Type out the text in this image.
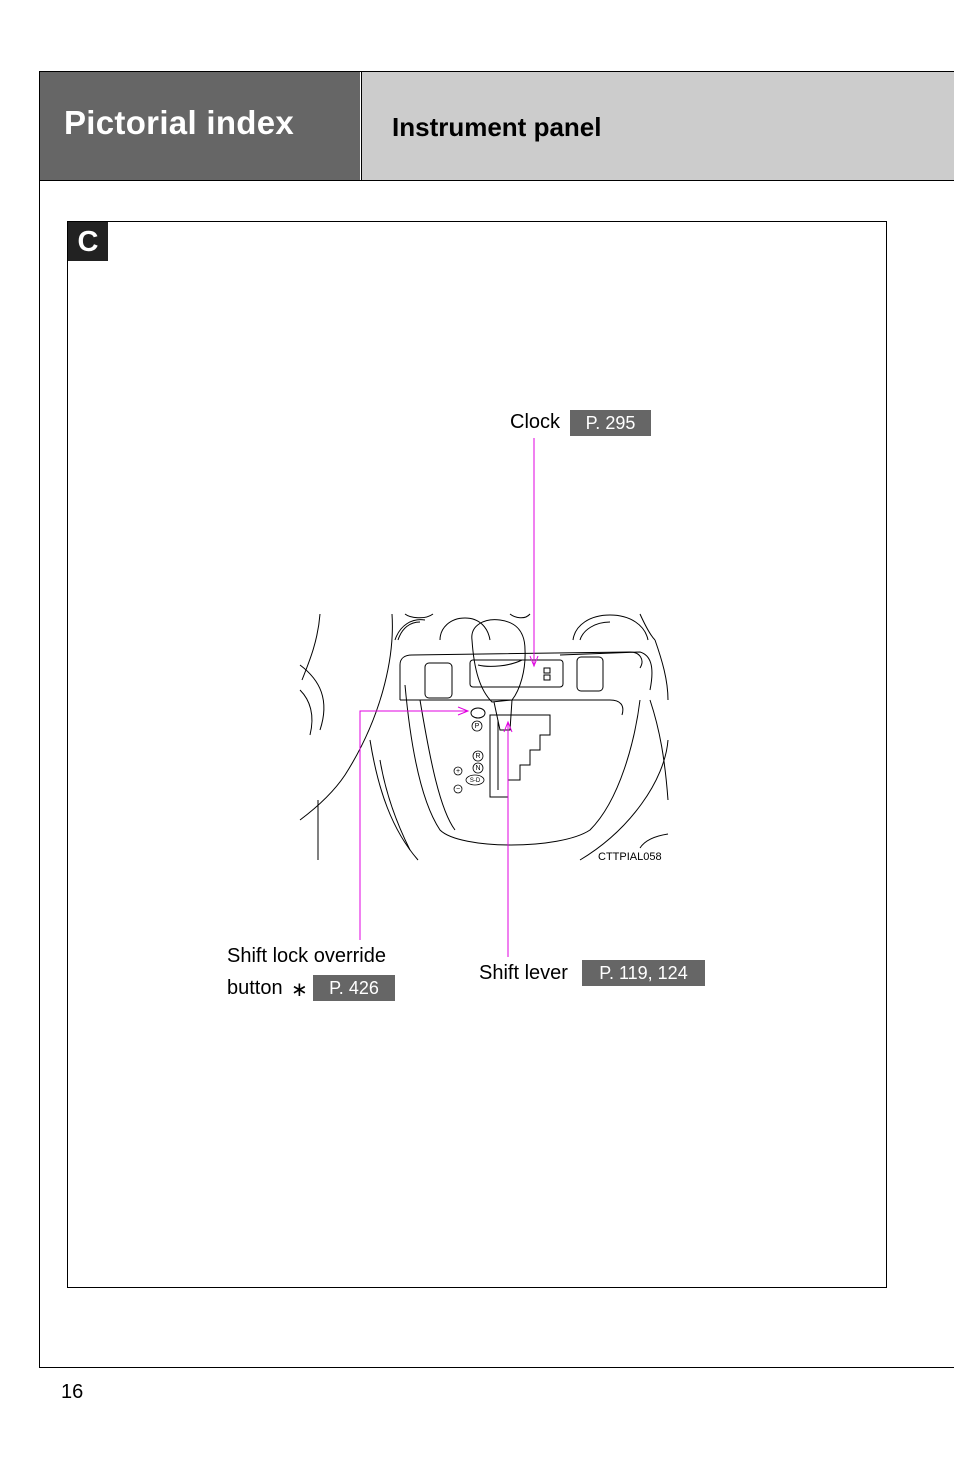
Pictorial index	Instrument panel
C
P
R
N
S-D
+
−
CTTPIAL058
Clock	P. 295
Shift lock override
button ∗	P. 426
Shift lever	P. 119, 124
16
